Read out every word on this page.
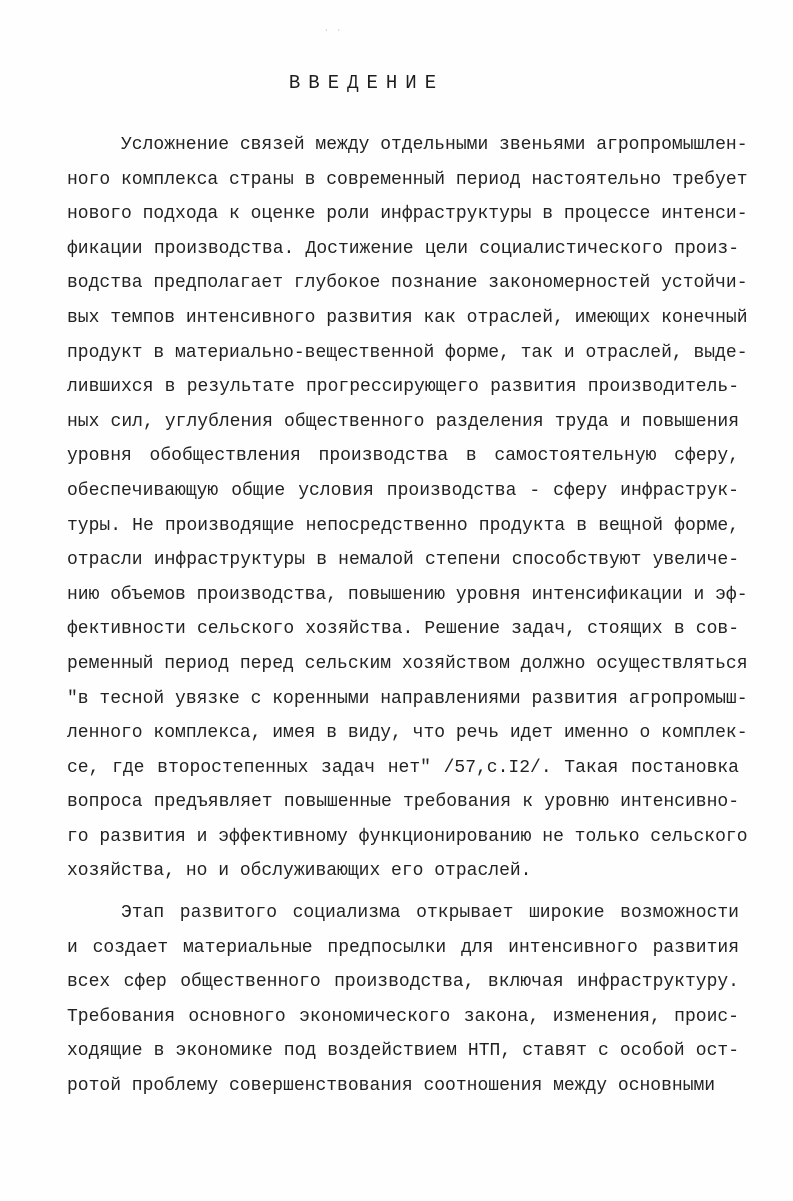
·​·
ВВЕДЕНИЕ
Усложнение связей между отдельными звеньями агропромышлен-
ного комплекса страны в современный период настоятельно требует
нового подхода к оценке роли инфраструктуры в процессе интенси-
фикации производства. Достижение цели социалистического произ-
водства предполагает глубокое познание закономерностей устойчи-
вых темпов интенсивного развития как отраслей, имеющих конечный
продукт в материально-вещественной форме, так и отраслей, выде-
лившихся в результате прогрессирующего развития производитель-
ных сил, углубления общественного разделения труда и повышения
уровня обобществления производства в самостоятельную сферу,
обеспечивающую общие условия производства - сферу инфраструк-
туры. Не производящие непосредственно продукта в вещной форме,
отрасли инфраструктуры в немалой степени способствуют увеличе-
нию объемов производства, повышению уровня интенсификации и эф-
фективности сельского хозяйства. Решение задач, стоящих в сов-
ременный период перед сельским хозяйством должно осуществляться
"в тесной увязке с коренными направлениями развития агропромыш-
ленного комплекса, имея в виду, что речь идет именно о комплек-
се, где второстепенных задач нет" /57,с.I2/. Такая постановка
вопроса предъявляет повышенные требования к уровню интенсивно-
го развития и эффективному функционированию не только сельского
хозяйства, но и обслуживающих его отраслей.
Этап развитого социализма открывает широкие возможности
и создает материальные предпосылки для интенсивного развития
всех сфер общественного производства, включая инфраструктуру.
Требования основного экономического закона, изменения, проис-
ходящие в экономике под воздействием НТП, ставят с особой ост-
ротой проблему совершенствования соотношения между основными
